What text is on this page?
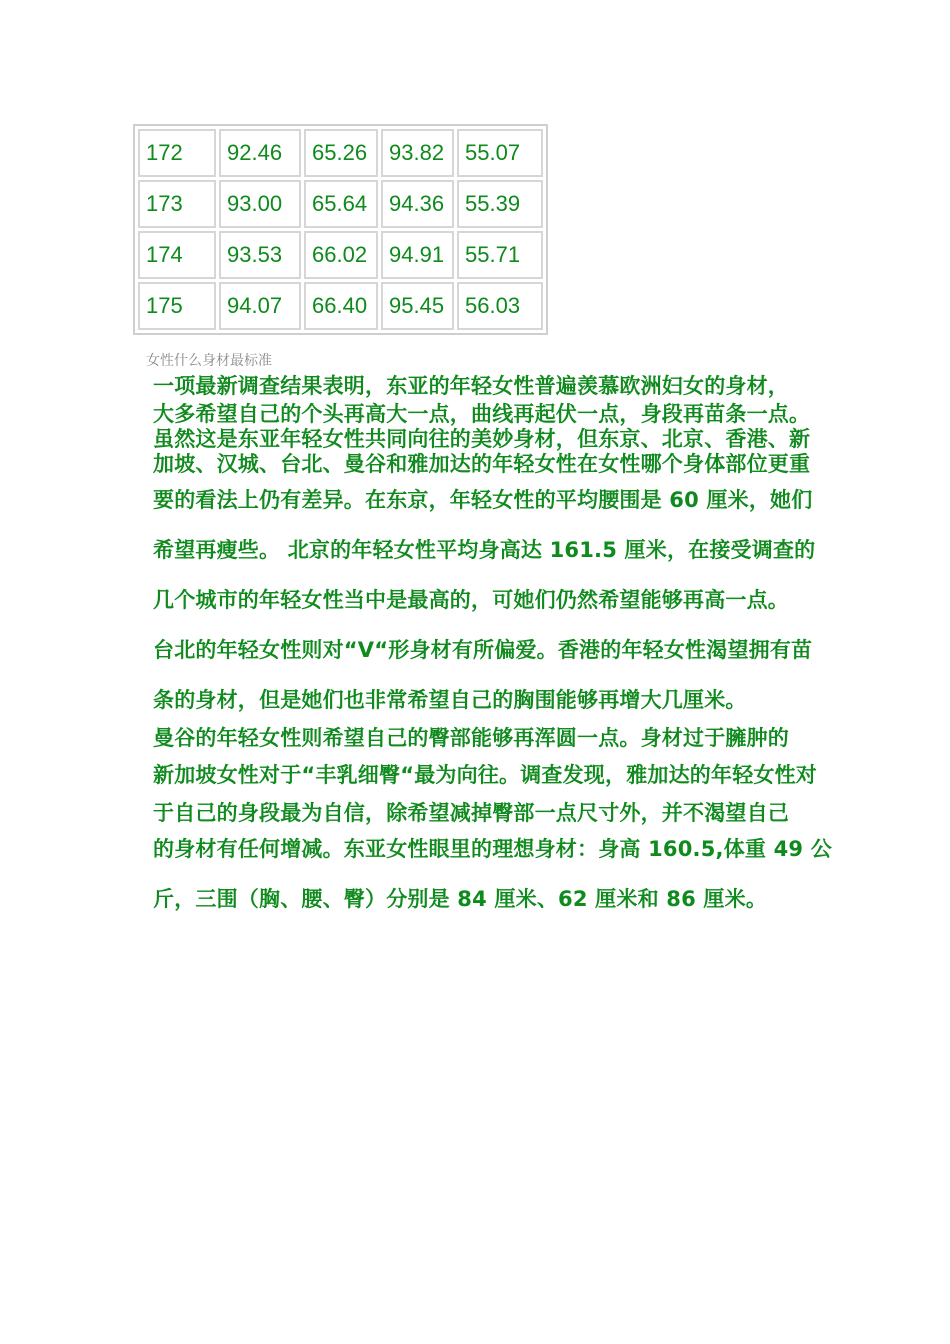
172	92.46	65.26	93.82	55.07
173	93.00	65.64	94.36	55.39
174	93.53	66.02	94.91	55.71
175	94.07	66.40	95.45	56.03
女性什么身材最标准
一项最新调查结果表明，东亚的年轻女性普遍羡慕欧洲妇女的身材，
大多希望自己的个头再高大一点，曲线再起伏一点，身段再苗条一点。
虽然这是东亚年轻女性共同向往的美妙身材，但东京、北京、香港、新
加坡、汉城、台北、曼谷和雅加达的年轻女性在女性哪个身体部位更重
要的看法上仍有差异。在东京，年轻女性的平均腰围是 60 厘米，她们
希望再瘦些。 北京的年轻女性平均身高达 161.5 厘米，在接受调查的
几个城市的年轻女性当中是最高的，可她们仍然希望能够再高一点。
台北的年轻女性则对“V“形身材有所偏爱。香港的年轻女性渴望拥有苗
条的身材，但是她们也非常希望自己的胸围能够再增大几厘米。
曼谷的年轻女性则希望自己的臀部能够再浑圆一点。身材过于臃肿的
新加坡女性对于“丰乳细臀“最为向往。调查发现，雅加达的年轻女性对
于自己的身段最为自信，除希望减掉臀部一点尺寸外，并不渴望自己
的身材有任何增减。东亚女性眼里的理想身材：身高 160.5,体重 49 公
斤，三围（胸、腰、臀）分别是 84 厘米、62 厘米和 86 厘米。
